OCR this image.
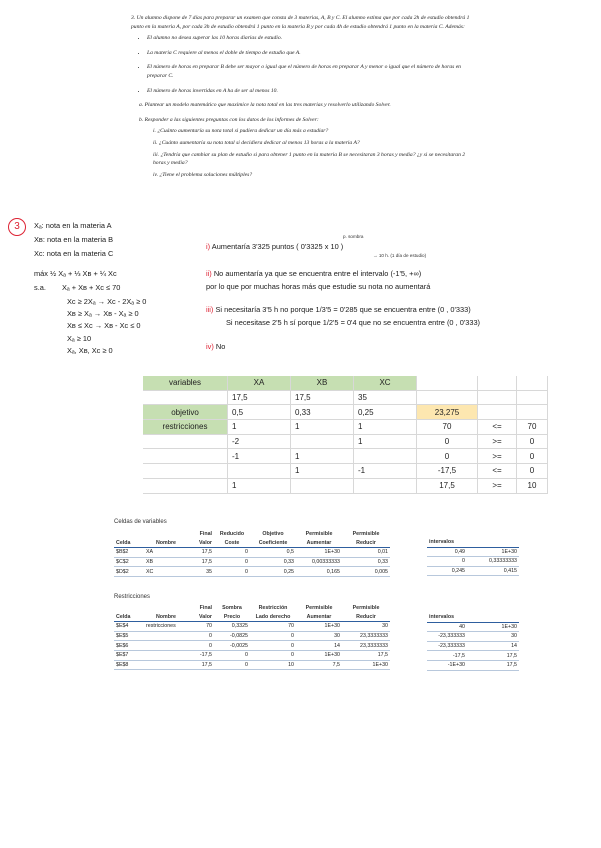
3. Un alumno dispone de 7 días para preparar un examen que consta de 3 materias, A, B y C. El alumno estima que por cada 2h de estudio obtendrá 1 punto en la materia A, por cada 3h de estudio obtendrá 1 punto en la materia B y por cada 4h de estudio obtendrá 1 punto en la materia C. Además:
• El alumno no desea superar las 10 horas diarias de estudio.
• La materia C requiere al menos el doble de tiempo de estudio que A.
• El número de horas en preparar B debe ser mayor o igual que el número de horas en preparar A y menor o igual que el número de horas en preparar C.
• El número de horas invertidas en A ha de ser al menos 10.
a. Plantear un modelo matemático que maximice la nota total en las tres materias y resolverlo utilizando Solver.
b. Responder a las siguientes preguntas con los datos de los informes de Solver:
i. ¿Cuánto aumentaría su nota total si pudiera dedicar un día más a estudiar?
ii. ¿Cuánto aumentaría su nota total si decidiera dedicar al menos 13 horas a la materia A?
iii. ¿Tendría que cambiar su plan de estudio si para obtener 1 punto en la materia B se necesitaran 3 horas y media? ¿y si se necesitaran 2 horas y media?
iv. ¿Tiene el problema soluciones múltiples?
3	Xₐ: nota en la materia A
Xʙ: nota en la materia B
Xc: nota en la materia C
máx ½ Xₐ + ⅓ Xʙ + ¼ Xc
s.a. Xₐ + Xʙ + Xc ≤ 70
Xc ≥ 2Xₐ → Xc - 2Xₐ ≥ 0
Xʙ ≥ Xₐ → Xʙ - Xₐ ≥ 0
Xʙ ≤ Xc → Xʙ - Xc ≤ 0
Xₐ ≥ 10
Xₐ, Xʙ, Xc ≥ 0
i) Aumentaría 3'325 puntos ( 0'3325 x 10 )
p. sombra
→ 10 h. (1 día de estudio)
ii) No aumentaría ya que se encuentra entre el intervalo (-1'5, +∞)
por lo que por muchas horas más que estudie su nota no aumentará
iii) Si necesitaría 3'5 h no porque 1/3'5 = 0'285 que se encuentra entre (0 , 0'333)
Si necesitase 2'5 h sí porque 1/2'5 = 0'4 que no se encuentra entre (0 , 0'333)
iv) No
variables	XA	XB	XC			
	17,5	17,5	35			
objetivo	0,5	0,33	0,25	23,275		
restricciones	1	1	1	70	<=	70
	-2		1	0	>=	0
	-1	1		0	>=	0
		1	-1	-17,5	<=	0
	1			17,5	>=	10
Celdas de variables
		Final	Reducido	Objetivo	Permisible	Permisible
Celda	Nombre	Valor	Coste	Coeficiente	Aumentar	Reducir
$B$2	XA	17,5	0	0,5	1E+30	0,01
$C$2	XB	17,5	0	0,33	0,00333333	0,33
$D$2	XC	35	0	0,25	0,165	0,005
intervalos	
0,49	1E+30
0	0,33333333
0,245	0,415
Restricciones
		Final	Sombra	Restricción	Permisible	Permisible
Celda	Nombre	Valor	Precio	Lado derecho	Aumentar	Reducir
$E$4	restricciones	70	0,3325	70	1E+30	30
$E$5		0	-0,0825	0	30	23,3333333
$E$6		0	-0,0025	0	14	23,3333333
$E$7		-17,5	0	0	1E+30	17,5
$E$8		17,5	0	10	7,5	1E+30
intervalos	
40	1E+30
-23,333333	30
-23,333333	14
-17,5	17,5
-1E+30	17,5
